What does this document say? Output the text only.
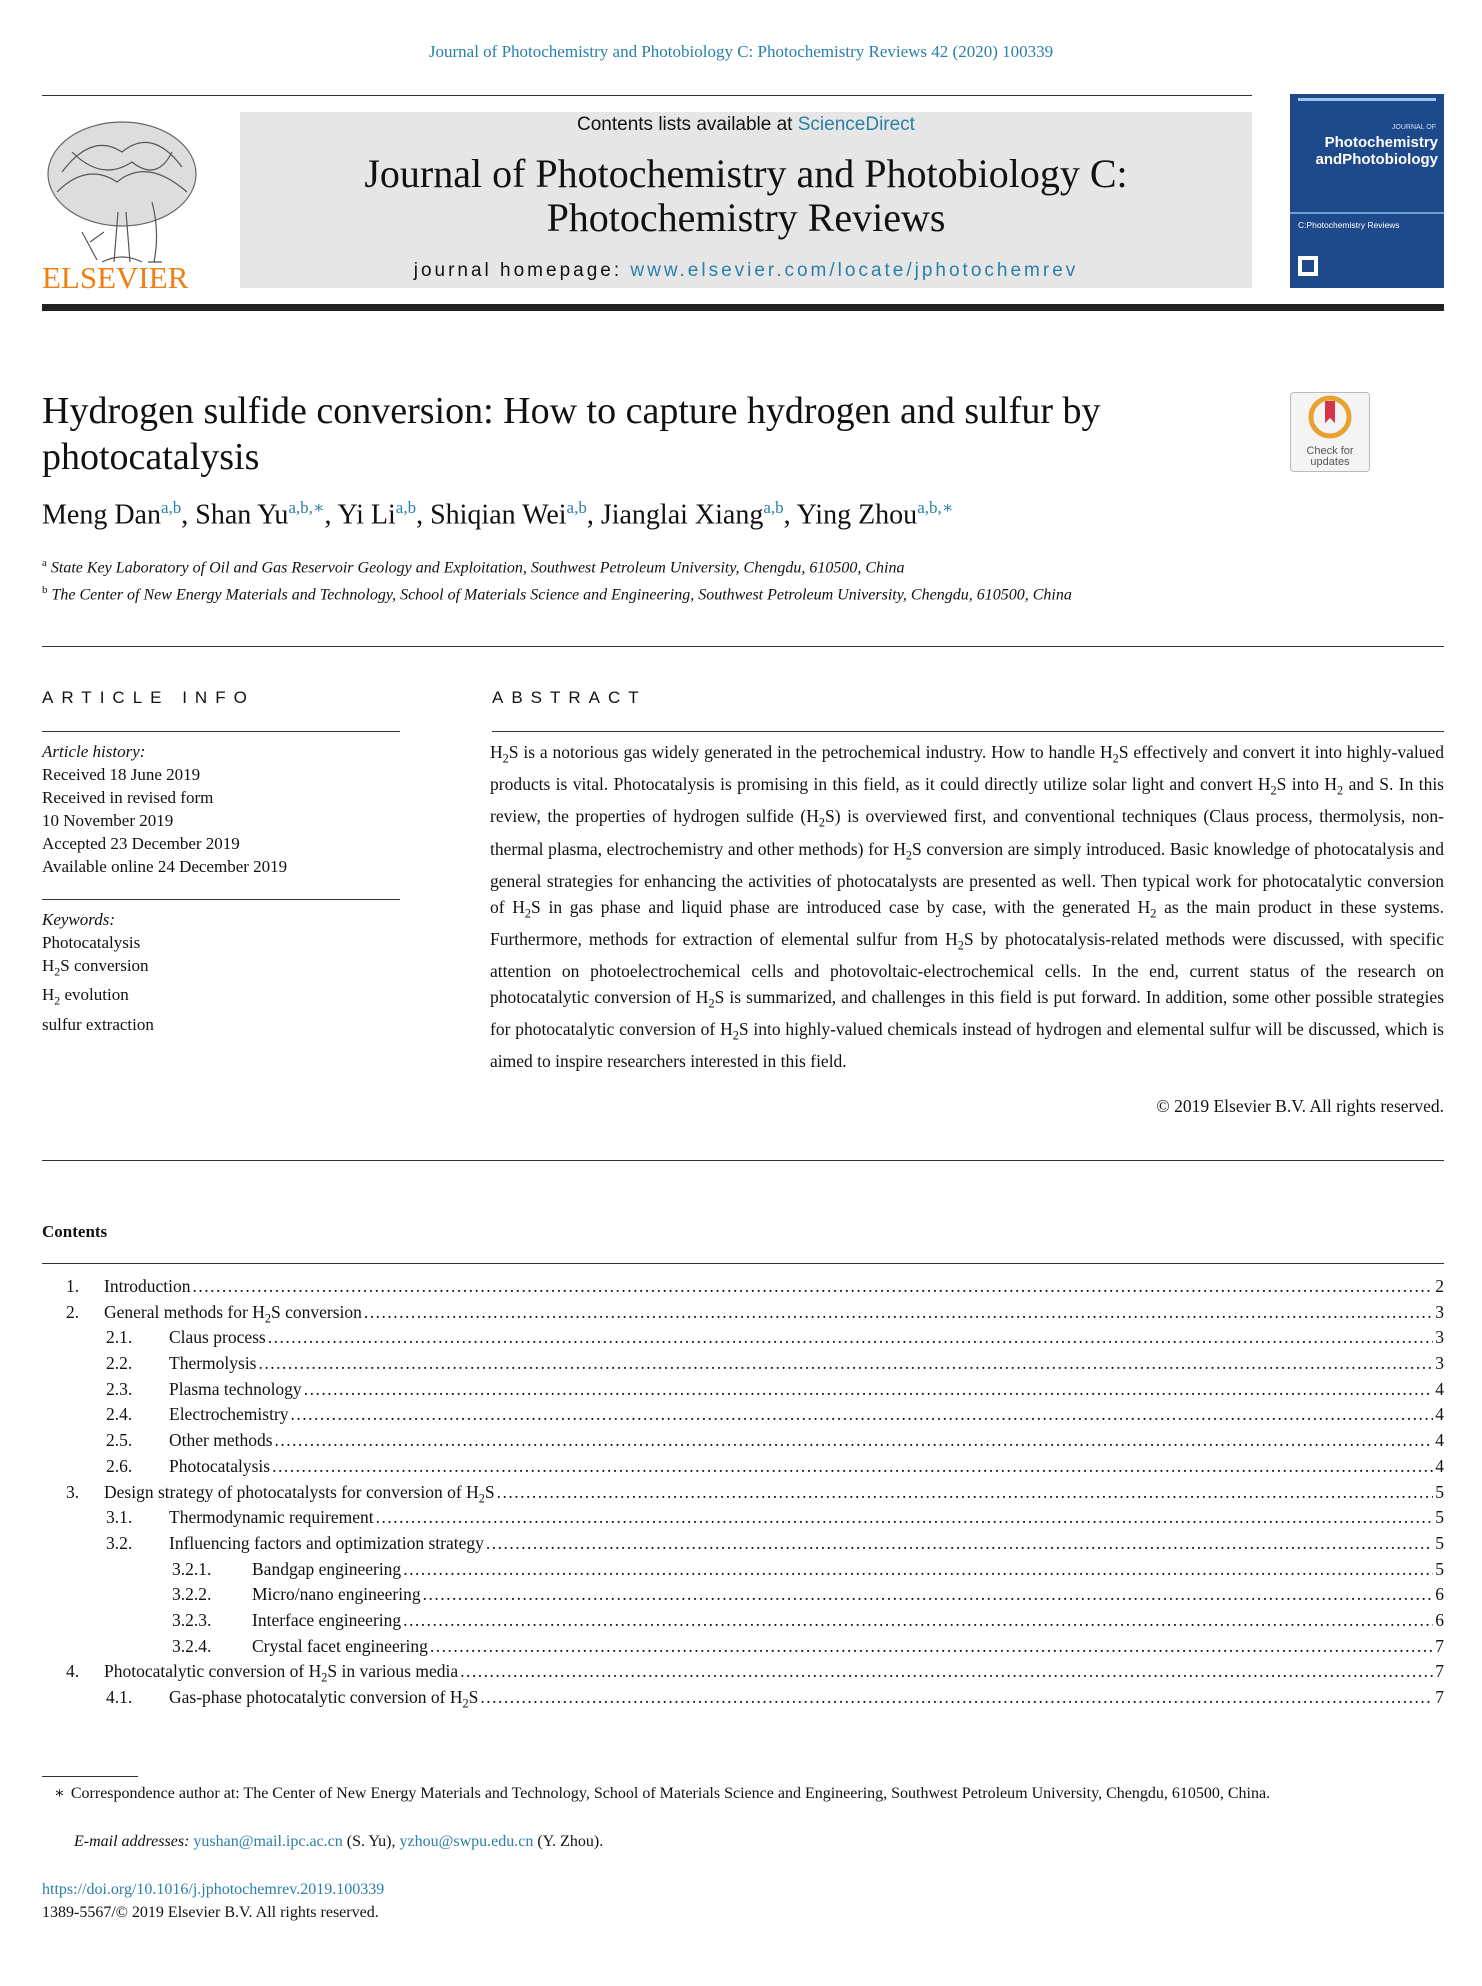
Journal of Photochemistry and Photobiology C: Photochemistry Reviews 42 (2020) 100339
ELSEVIER
Contents lists available at ScienceDirect
Journal of Photochemistry and Photobiology C:
Photochemistry Reviews
journal homepage: www.elsevier.com/locate/jphotochemrev
JOURNAL OF
Photochemistry
andPhotobiology
C:Photochemistry Reviews
Hydrogen sulfide conversion: How to capture hydrogen and sulfur by photocatalysis	Check for
updates
Meng Dan$^{a,b}$, Shan $Yu^{a,b,∗}$, Yi Li$^{a,b}$, Shiqian Wei$^{a,b}$, Jianglai Xiang$^{a,b}$, Ying Zhou$^{a,b,∗}$
$^a$ State Key Laboratory of Oil and Gas Reservoir Geology and Exploitation, Southwest Petroleum University, Chengdu, 610500, China
$^b$ The Center of New Energy Materials and Technology, School of Materials Science and Engineering, Southwest Petroleum University, Chengdu, 610500, China
ARTICLE INFO
Article history:
Received 18 June 2019
Received in revised form
10 November 2019
Accepted 23 December 2019
Available online 24 December 2019
Keywords:
Photocatalysis
$H_2S$ conversion
$H_2$ evolution
sulfur extraction
ABSTRACT
$H_2S$ is a notorious gas widely generated in the petrochemical industry. How to handle $H_2S$ effectively and convert it into highly-valued products is vital. Photocatalysis is promising in this field, as it could directly utilize solar light and convert $H_2S$ into $H_2$ and S. In this review, the properties of hydrogen sulfide $(H_2S)$ is overviewed first, and conventional techniques (Claus process, thermolysis, non-thermal plasma, electrochemistry and other methods) for $H_2S$ conversion are simply introduced. Basic knowledge of photocatalysis and general strategies for enhancing the activities of photocatalysts are presented as well. Then typical work for photocatalytic conversion of $H_2S$ in gas phase and liquid phase are introduced case by case, with the generated $H_2$ as the main product in these systems. Furthermore, methods for extraction of elemental sulfur from $H_2S$ by photocatalysis-related methods were discussed, with specific attention on photoelectrochemical cells and photovoltaic-electrochemical cells. In the end, current status of the research on photocatalytic conversion of $H_2S$ is summarized, and challenges in this field is put forward. In addition, some other possible strategies for photocatalytic conversion of $H_2S$ into highly-valued chemicals instead of hydrogen and elemental sulfur will be discussed, which is aimed to inspire researchers interested in this field.
© 2019 Elsevier B.V. All rights reserved.
Contents
1.	Introduction .....	2
2.	General methods for $H_2S$ conversion .....	3
2.1.	Claus process .....	3
2.2.	Thermolysis .....	3
2.3.	Plasma technology .....	4
2.4.	Electrochemistry .....	4
2.5.	Other methods .....	4
2.6.	Photocatalysis .....	4
3.	Design strategy of photocatalysts for conversion of $H_2S$ .....	5
3.1.	Thermodynamic requirement .....	5
3.2.	Influencing factors and optimization strategy .....	5
3.2.1.	Bandgap engineering .....	5
3.2.2.	Micro/nano engineering .....	6
3.2.3.	Interface engineering .....	6
3.2.4.	Crystal facet engineering .....	7
4.	Photocatalytic conversion of $H_2S$ in various media .....	7
4.1.	Gas-phase photocatalytic conversion of $H_2S$ .....	7
∗ Correspondence author at: The Center of New Energy Materials and Technology, School of Materials Science and Engineering, Southwest Petroleum University, Chengdu, 610500, China.
E-mail addresses: yushan@mail.ipc.ac.cn (S. Yu), yzhou@swpu.edu.cn (Y. Zhou).
https://doi.org/10.1016/j.jphotochemrev.2019.100339
1389-5567/© 2019 Elsevier B.V. All rights reserved.
